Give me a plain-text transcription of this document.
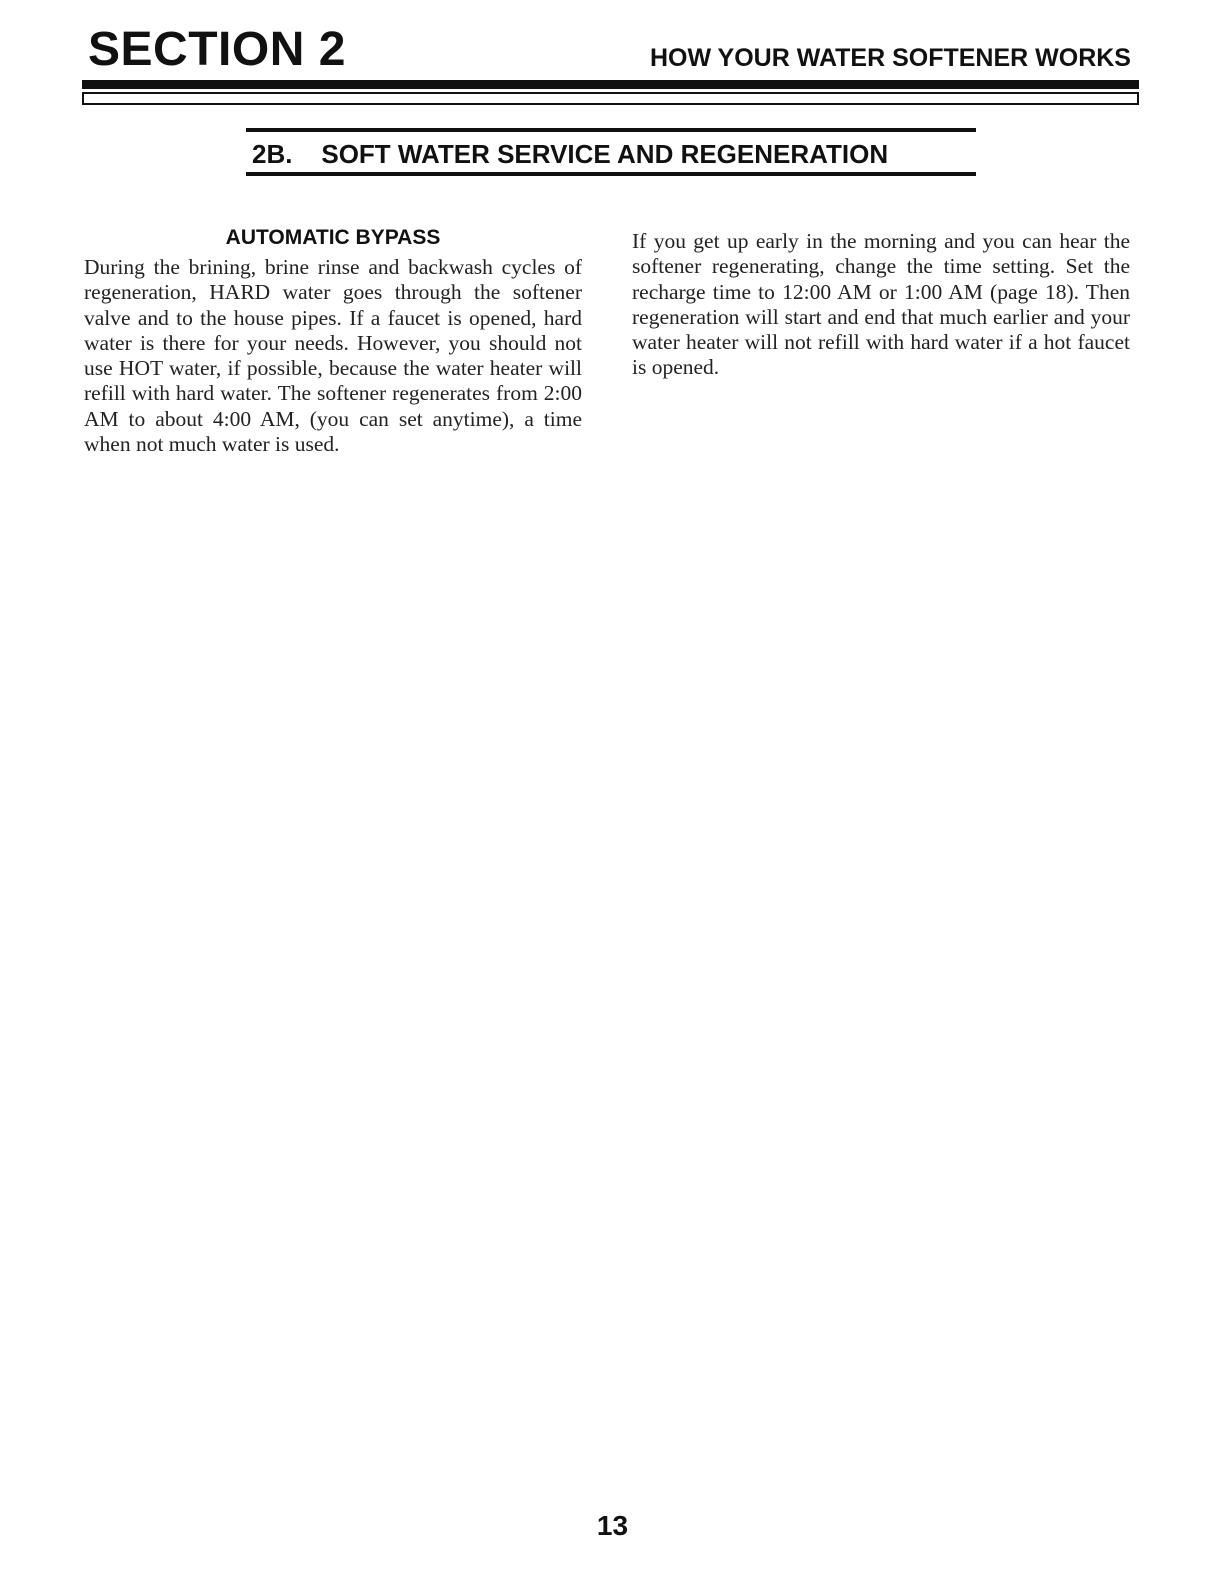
SECTION 2	HOW YOUR WATER SOFTENER WORKS
2B.    SOFT WATER SERVICE AND REGENERATION
AUTOMATIC BYPASS
During the brining, brine rinse and backwash cycles of regeneration, HARD water goes through the softener valve and to the house pipes. If a faucet is opened, hard water is there for your needs. However, you should not use HOT water, if possible, because the water heater will refill with hard water. The softener regenerates from 2:00 AM to about 4:00 AM, (you can set anytime), a time when not much water is used.
If you get up early in the morning and you can hear the softener regenerating, change the time setting. Set the recharge time to 12:00 AM or 1:00 AM (page 18). Then regeneration will start and end that much earlier and your water heater will not refill with hard water if a hot faucet is opened.
13
